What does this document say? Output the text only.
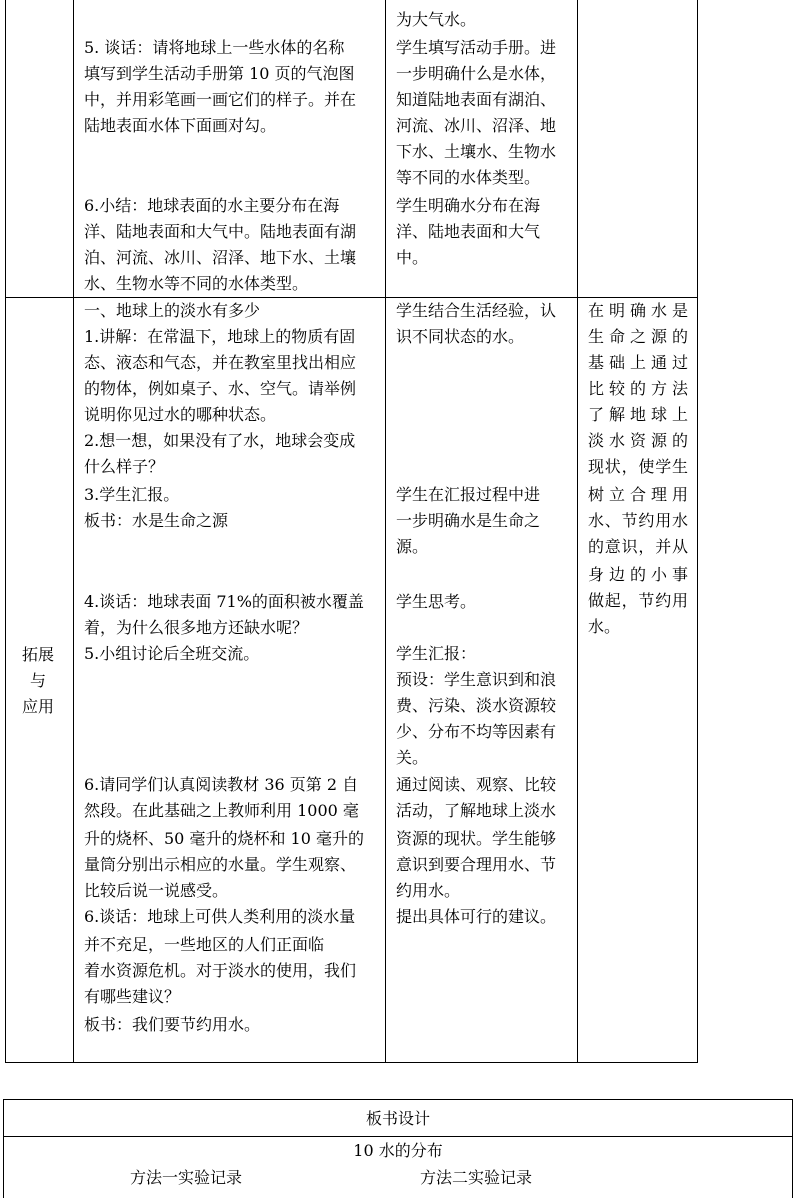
5. 谈话：请将地球上一些水体的名称
填写到学生活动手册第 10 页的气泡图
中，并用彩笔画一画它们的样子。并在
陆地表面水体下面画对勾。
6.小结：地球表面的水主要分布在海
洋、陆地表面和大气中。陆地表面有湖
泊、河流、冰川、沼泽、地下水、土壤
水、生物水等不同的水体类型。
为大气水。
学生填写活动手册。进
一步明确什么是水体，
知道陆地表面有湖泊、
河流、冰川、沼泽、地
下水、土壤水、生物水
等不同的水体类型。
学生明确水分布在海
洋、陆地表面和大气
中。
拓展
与
应用
一、地球上的淡水有多少
1.讲解：在常温下，地球上的物质有固
态、液态和气态，并在教室里找出相应
的物体，例如桌子、水、空气。请举例
说明你见过水的哪种状态。
2.想一想，如果没有了水，地球会变成
什么样子？
3.学生汇报。
板书：水是生命之源
4.谈话：地球表面 71%的面积被水覆盖
着，为什么很多地方还缺水呢？
5.小组讨论后全班交流。
6.请同学们认真阅读教材 36 页第 2 自
然段。在此基础之上教师利用 1000 毫
升的烧杯、50 毫升的烧杯和 10 毫升的
量筒分别出示相应的水量。学生观察、
比较后说一说感受。
6.谈话：地球上可供人类利用的淡水量
并不充足，一些地区的人们正面临
着水资源危机。对于淡水的使用，我们
有哪些建议？
板书：我们要节约用水。
学生结合生活经验，认
识不同状态的水。
学生在汇报过程中进
一步明确水是生命之
源。
学生思考。
学生汇报：
预设：学生意识到和浪
费、污染、淡水资源较
少、分布不均等因素有
关。
通过阅读、观察、比较
活动，了解地球上淡水
资源的现状。学生能够
意识到要合理用水、节
约用水。
提出具体可行的建议。
在明确水是
生命之源的
基础上通过
比较的方法
了解地球上
淡水资源的
现状，使学生
树立合理用
水、节约用水
的意识，并从
身边的小事
做起，节约用
水。
板书设计
10 水的分布
方法一实验记录	方法二实验记录
